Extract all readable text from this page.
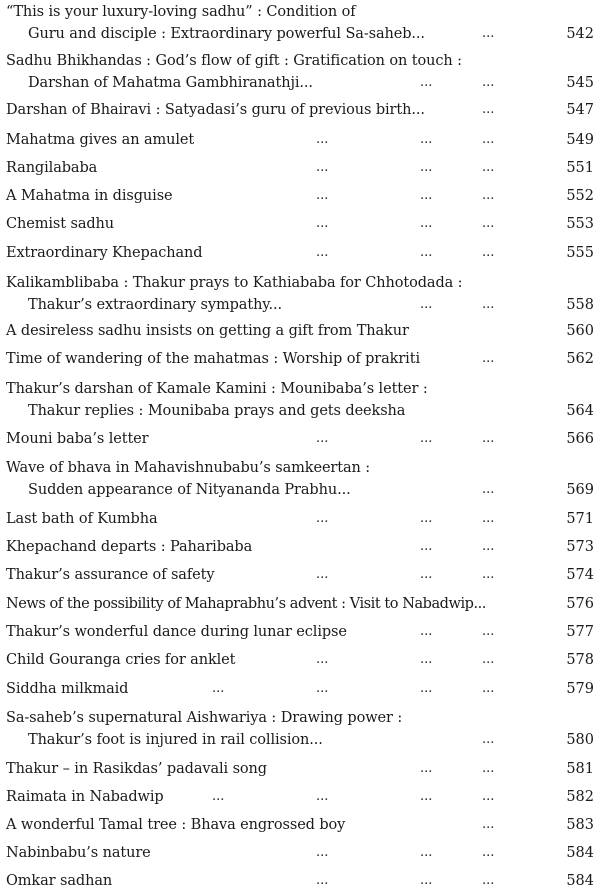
“This is your luxury-loving sadhu” : Condition of
Guru and disciple : Extraordinary powerful Sa-saheb...	...	542
Sadhu Bhikhandas : God’s flow of gift : Gratification on touch :
Darshan of Mahatma Gambhiranathji...	...	...	545
Darshan of Bhairavi : Satyadasi’s guru of previous birth...	...	547
Mahatma gives an amulet	...	...	...	549
Rangilababa	...	...	...	551
A Mahatma in disguise	...	...	...	552
Chemist sadhu	...	...	...	553
Extraordinary Khepachand	...	...	...	555
Kalikamblibaba : Thakur prays to Kathiababa for Chhotodada :
Thakur’s extraordinary sympathy...	...	...	558
A desireless sadhu insists on getting a gift from Thakur	560
Time of wandering of the mahatmas : Worship of prakriti	...	562
Thakur’s darshan of Kamale Kamini : Mounibaba’s letter :
Thakur replies : Mounibaba prays and gets deeksha	564
Mouni baba’s letter	...	...	...	566
Wave of bhava in Mahavishnubabu’s samkeertan :
Sudden appearance of Nityananda Prabhu...	...	569
Last bath of Kumbha	...	...	...	571
Khepachand departs : Paharibaba	...	...	573
Thakur’s assurance of safety	...	...	...	574
News of the possibility of Mahaprabhu’s advent : Visit to Nabadwip...	576
Thakur’s wonderful dance during lunar eclipse	...	...	577
Child Gouranga cries for anklet	...	...	...	578
Siddha milkmaid	...	...	...	...	579
Sa-saheb’s supernatural Aishwariya : Drawing power :
Thakur’s foot is injured in rail collision...	...	580
Thakur – in Rasikdas’ padavali song	...	...	581
Raimata in Nabadwip	...	...	...	...	582
A wonderful Tamal tree : Bhava engrossed boy	...	583
Nabinbabu’s nature	...	...	...	584
Omkar sadhan	...	...	...	584
